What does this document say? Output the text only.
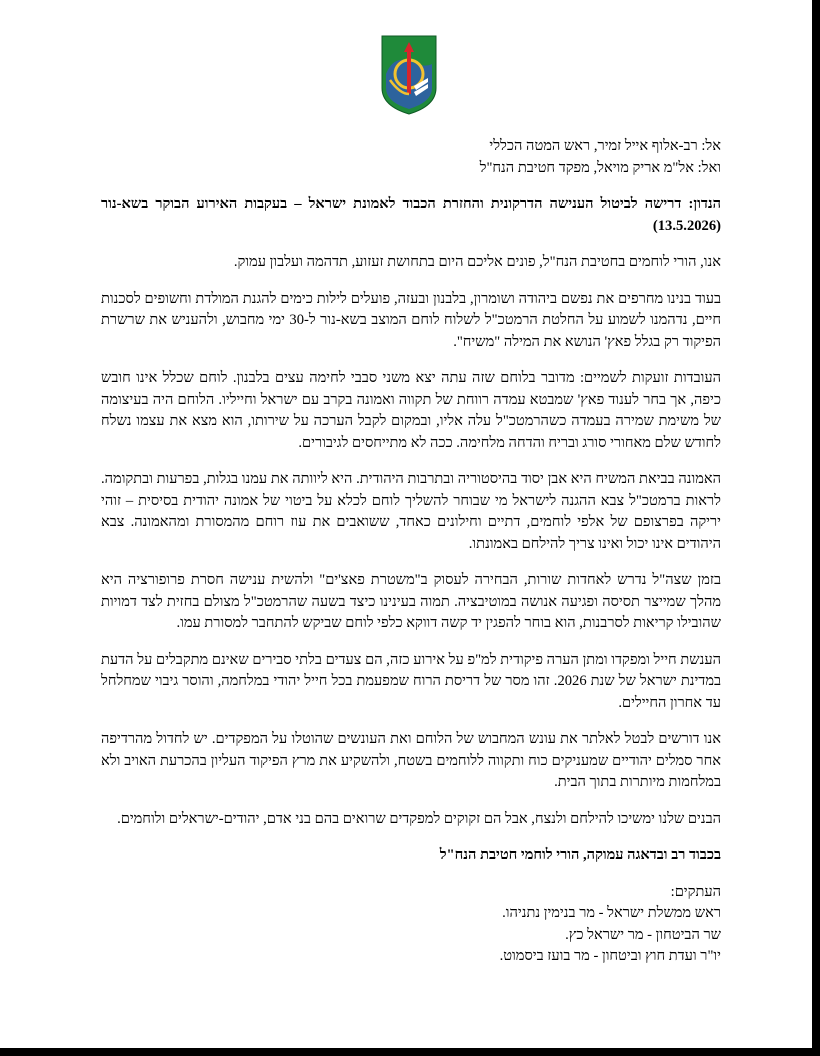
אל: רב-אלוף אייל זמיר, ראש המטה הכללי

ואל: אל"מ אריק מויאל, מפקד חטיבת הנח"ל

הנדון: דרישה לביטול הענישה הדרקונית והחזרת הכבוד לאמונת ישראל – בעקבות האירוע הבוקר בשא-נור (13.5.2026)

אנו, הורי לוחמים בחטיבת הנח"ל, פונים אליכם היום בתחושת זעזוע, תדהמה ועלבון עמוק.

בעוד בנינו מחרפים את נפשם ביהודה ושומרון, בלבנון ובעזה, פועלים לילות כימים להגנת המולדת וחשופים לסכנות חיים, נדהמנו לשמוע על החלטת הרמטכ"ל לשלוח לוחם המוצב בשא-נור ל-30 ימי מחבוש, ולהעניש את שרשרת הפיקוד רק בגלל פאץ' הנושא את המילה "משיח".

העובדות זועקות לשמיים: מדובר בלוחם שזה עתה יצא משני סבבי לחימה עצים בלבנון. לוחם שכלל אינו חובש כיפה, אך בחר לענוד פאץ' שמבטא עמדה רווחת של תקווה ואמונה בקרב עם ישראל וחייליו. הלוחם היה בעיצומה של משימת שמירה בעמדה כשהרמטכ"ל עלה אליו, ובמקום לקבל הערכה על שירותו, הוא מצא את עצמו נשלח לחודש שלם מאחורי סורג ובריח והדחה מלחימה. ככה לא מתייחסים לגיבורים.

האמונה בביאת המשיח היא אבן יסוד בהיסטוריה ובתרבות היהודית. היא ליוותה את עמנו בגלות, בפרעות ובתקומה. לראות ברמטכ"ל צבא ההגנה לישראל מי שבוחר להשליך לוחם לכלא על ביטוי של אמונה יהודית בסיסית – זוהי יריקה בפרצופם של אלפי לוחמים, דתיים וחילונים כאחד, ששואבים את עוז רוחם מהמסורת ומהאמונה. צבא היהודים אינו יכול ואינו צריך להילחם באמונתו.

בזמן שצה"ל נדרש לאחדות שורות, הבחירה לעסוק ב"משטרת פאצ'ים" ולהשית ענישה חסרת פרופורציה היא מהלך שמייצר תסיסה ופגיעה אנושה במוטיבציה. תמוה בעינינו כיצד בשעה שהרמטכ"ל מצולם בחזית לצד דמויות שהובילו קריאות לסרבנות, הוא בוחר להפגין יד קשה דווקא כלפי לוחם שביקש להתחבר למסורת עמו.

הענשת חייל ומפקדו ומתן הערה פיקודית למ"פ על אירוע כזה, הם צעדים בלתי סבירים שאינם מתקבלים על הדעת במדינת ישראל של שנת 2026. זהו מסר של דריסת הרוח שמפעמת בכל חייל יהודי במלחמה, והוסר גיבוי שמחלחל עד אחרון החיילים.

אנו דורשים לבטל לאלתר את עונש המחבוש של הלוחם ואת העונשים שהוטלו על המפקדים. יש לחדול מהרדיפה אחר סמלים יהודיים שמעניקים כוח ותקווה ללוחמים בשטח, ולהשקיע את מרץ הפיקוד העליון בהכרעת האויב ולא במלחמות מיותרות בתוך הבית.

הבנים שלנו ימשיכו להילחם ולנצח, אבל הם זקוקים למפקדים שרואים בהם בני אדם, יהודים-ישראלים ולוחמים.

בכבוד רב ובדאגה עמוקה, הורי לוחמי חטיבת הנח"ל

העתקים:

ראש ממשלת ישראל - מר בנימין נתניהו.

שר הביטחון - מר ישראל כץ.

יו"ר ועדת חוץ וביטחון - מר בועז ביסמוט.
